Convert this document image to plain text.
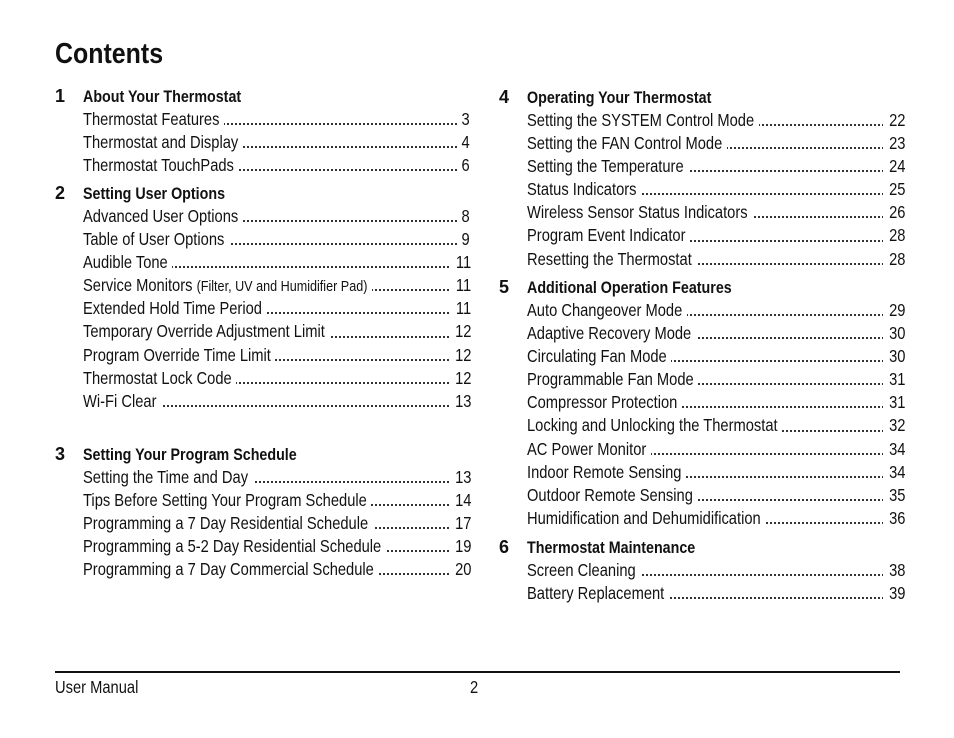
Contents
1	About Your Thermostat
Thermostat Features	3
Thermostat and Display	4
Thermostat TouchPads	6
2	Setting User Options
Advanced User Options	8
Table of User Options	9
Audible Tone	11
Service Monitors (Filter, UV and Humidifier Pad)	11
Extended Hold Time Period	11
Temporary Override Adjustment Limit	12
Program Override Time Limit	12
Thermostat Lock Code	12
Wi-Fi Clear	13
3	Setting Your Program Schedule
Setting the Time and Day	13
Tips Before Setting Your Program Schedule	14
Programming a 7 Day Residential Schedule	17
Programming a 5-2 Day Residential Schedule	19
Programming a 7 Day Commercial Schedule	20
4	Operating Your Thermostat
Setting the SYSTEM Control Mode	22
Setting the FAN Control Mode	23
Setting the Temperature	24
Status Indicators	25
Wireless Sensor Status Indicators	26
Program Event Indicator	28
Resetting the Thermostat	28
5	Additional Operation Features
Auto Changeover Mode	29
Adaptive Recovery Mode	30
Circulating Fan Mode	30
Programmable Fan Mode	31
Compressor Protection	31
Locking and Unlocking the Thermostat	32
AC Power Monitor	34
Indoor Remote Sensing	34
Outdoor Remote Sensing	35
Humidification and Dehumidification	36
6	Thermostat Maintenance
Screen Cleaning	38
Battery Replacement	39
User Manual	2
